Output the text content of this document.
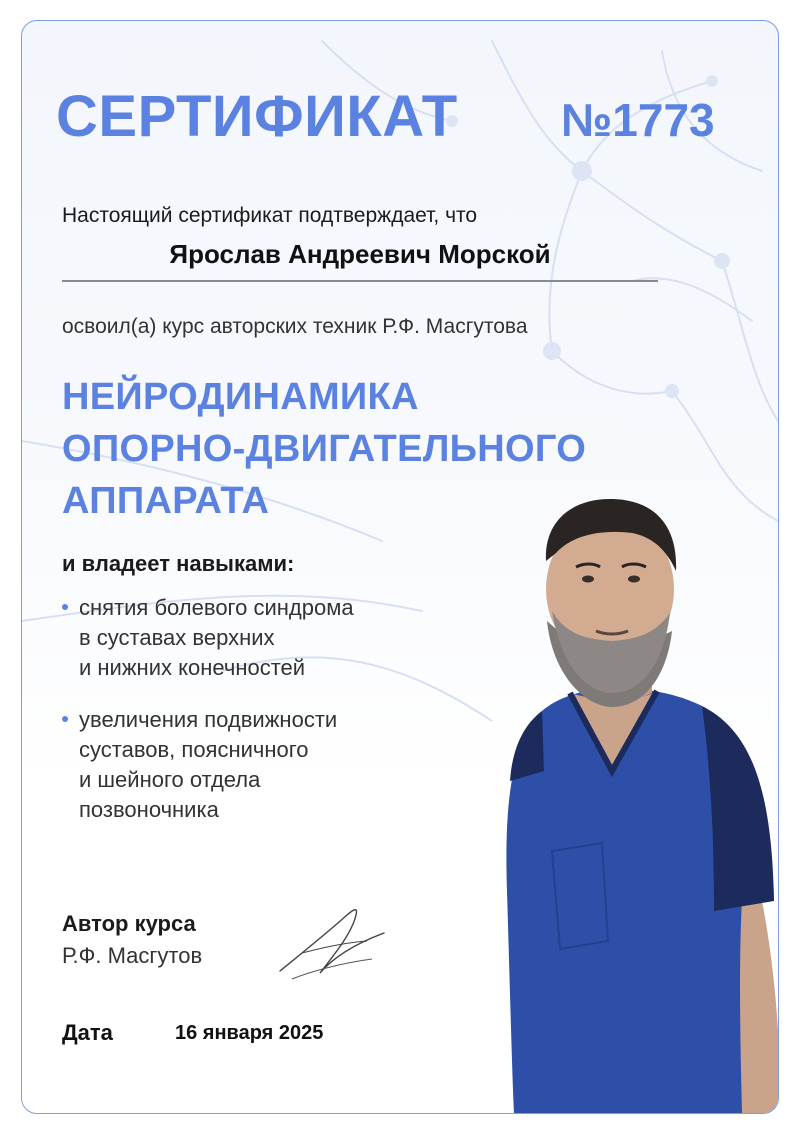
СЕРТИФИКАТ №1773
Настоящий сертификат подтверждает, что
Ярослав Андреевич Морской
освоил(а) курс авторских техник Р.Ф. Масгутова
НЕЙРОДИНАМИКА
ОПОРНО-ДВИГАТЕЛЬНОГО
АППАРАТА
и владеет навыками:
снятия болевого синдрома
в суставах верхних
и нижних конечностей
увеличения подвижности
суставов, поясничного
и шейного отдела
позвоночника
Автор курса
Р.Ф. Масгутов
Дата	16 января 2025
